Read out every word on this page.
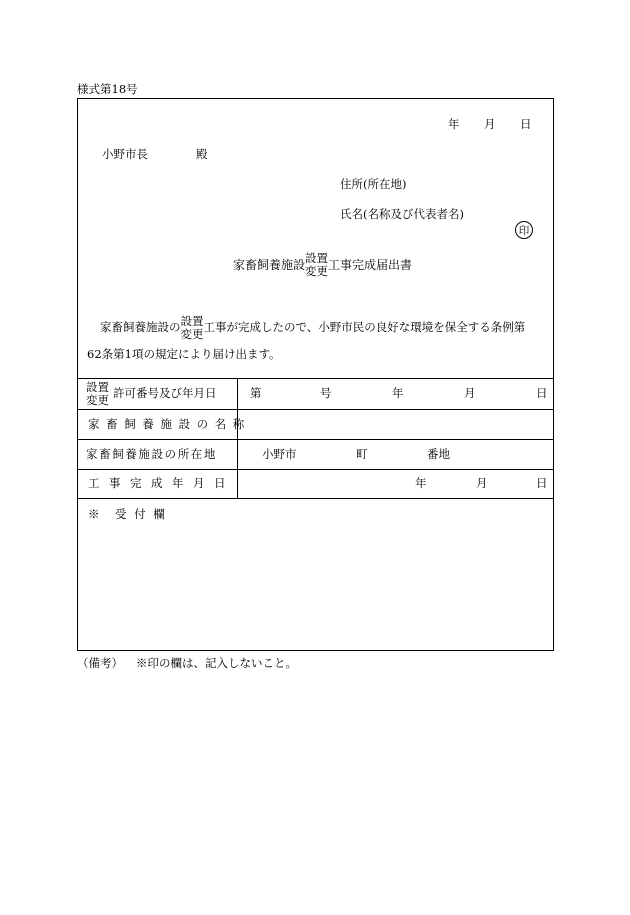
様式第18号
年 月 日
小野市長	殿
住所(所在地)
氏名(名称及び代表者名)
印
家畜飼養施設
設置
変更 工事完成届出書
家畜飼養施設の 設置
変更 工事が完成したので、小野市民の良好な環境を保全する条例第
62条第1項の規定により届け出ます。
設置
変更 許可番号及び年月日	第	号	年	月	日
家畜飼養施設の名称
家畜飼養施設の所在地	小野市	町	番地
工事完成年月日	年	月	日
※　受 付 欄
（備考） ※印の欄は、記入しないこと。
